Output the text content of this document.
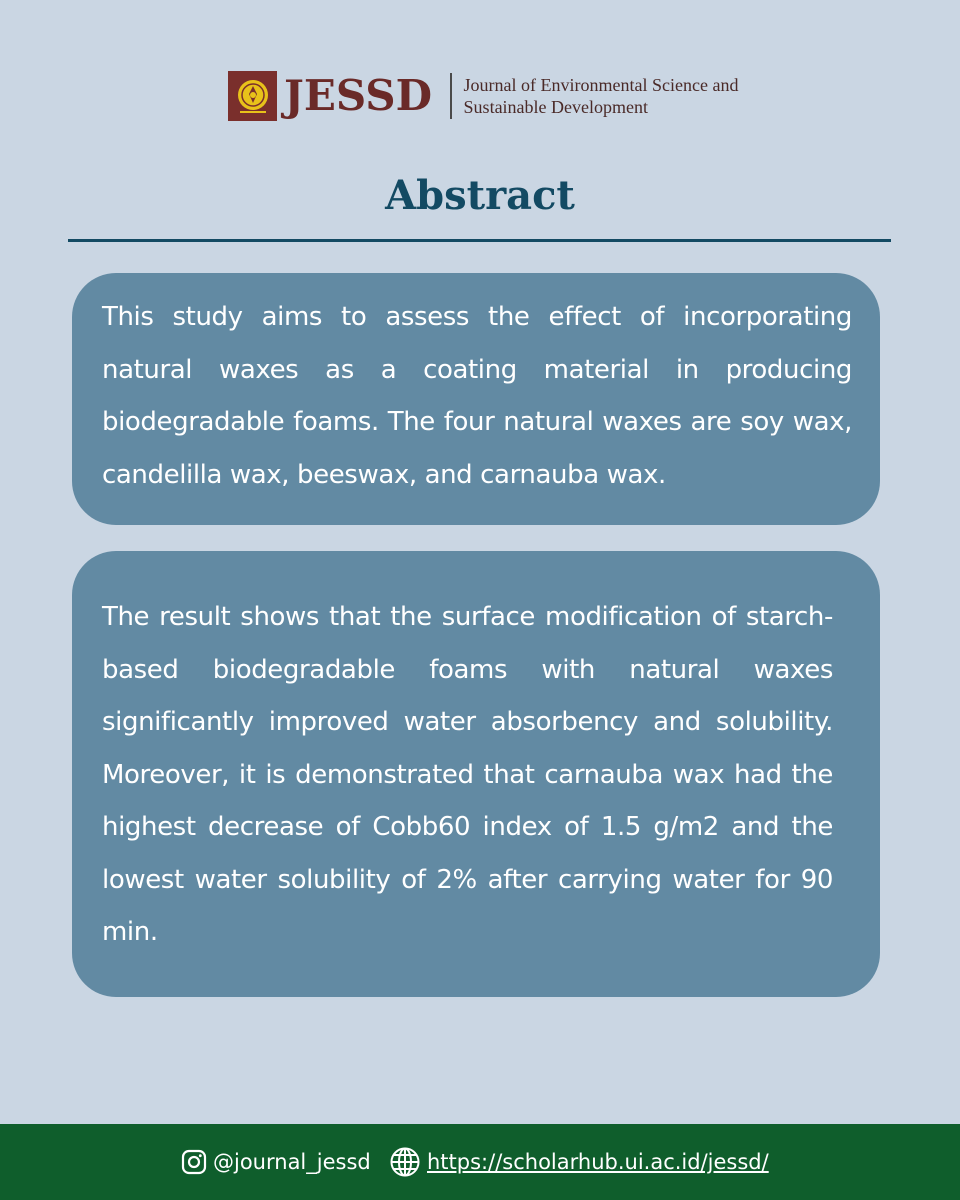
JESSD Journal of Environmental Science and
Sustainable Development
Abstract

This study aims to assess the effect of incorporating natural waxes as a coating material in producing biodegradable foams. The four natural waxes are soy wax, candelilla wax, beeswax, and carnauba wax.

The result shows that the surface modification of starch-based biodegradable foams with natural waxes significantly improved water absorbency and solubility. Moreover, it is demonstrated that carnauba wax had the highest decrease of Cobb60 index of 1.5 g/m2 and the lowest water solubility of 2% after carrying water for 90 min.

@journal_jessd	https://scholarhub.ui.ac.id/jessd/
